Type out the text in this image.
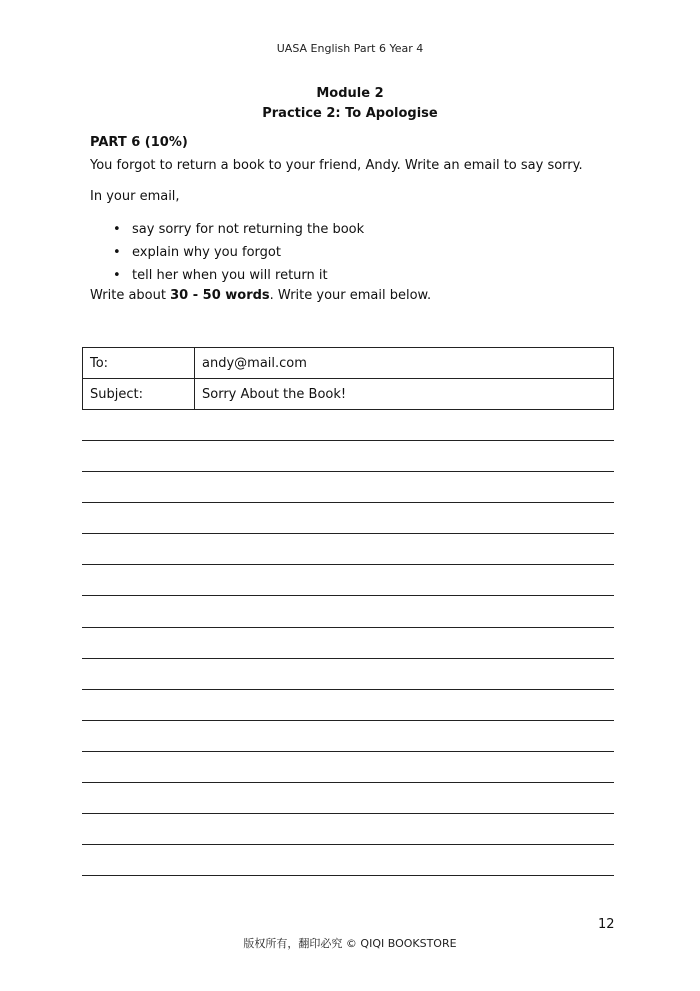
UASA English Part 6 Year 4
Module 2
Practice 2: To Apologise
PART 6 (10%)
You forgot to return a book to your friend, Andy. Write an email to say sorry.
In your email,
• say sorry for not returning the book
• explain why you forgot
• tell her when you will return it
Write about 30 - 50 words. Write your email below.
To:	andy@mail.com
Subject:	Sorry About the Book!
12
版权所有，翻印必究 © QIQI BOOKSTORE
